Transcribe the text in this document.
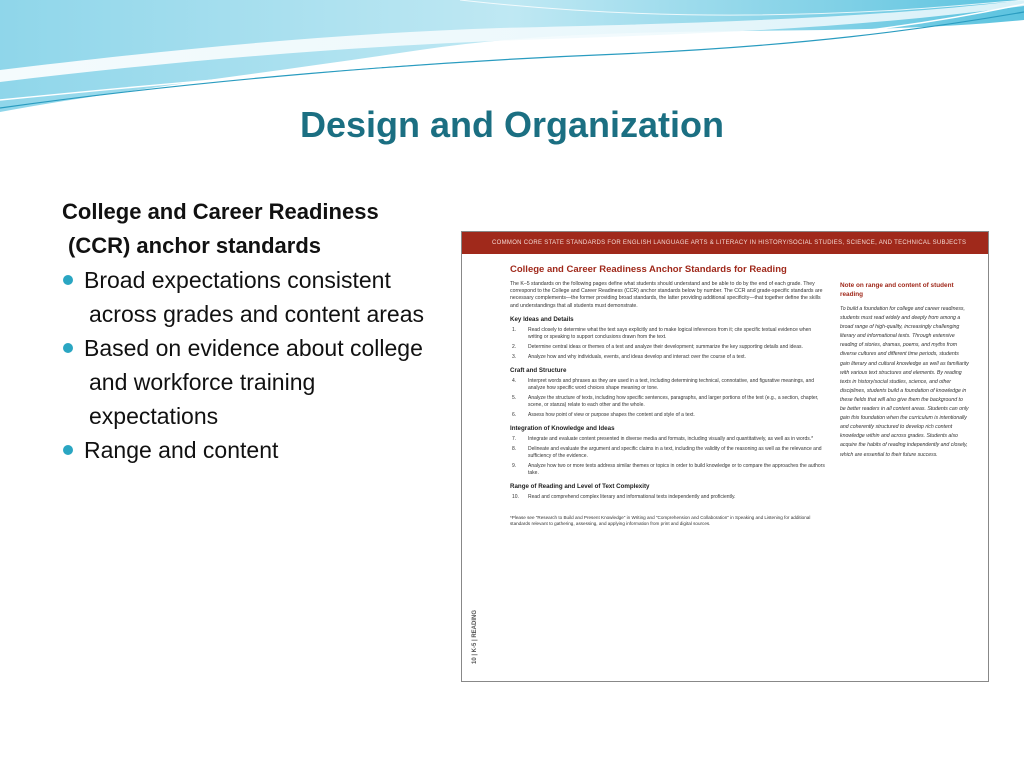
Design and Organization
College and Career Readiness
(CCR) anchor standards
Broad expectations consistent
across grades and content areas
Based on evidence about college
and workforce training
expectations
Range and content
COMMON CORE STATE STANDARDS FOR ENGLISH LANGUAGE ARTS & LITERACY IN HISTORY/SOCIAL STUDIES, SCIENCE, AND TECHNICAL SUBJECTS
10 | K-5 | READING
College and Career Readiness Anchor Standards for Reading
The K–5 standards on the following pages define what students should understand and be able to do by the end of each grade. They correspond to the College and Career Readiness (CCR) anchor standards below by number. The CCR and grade-specific standards are necessary complements—the former providing broad standards, the latter providing additional specificity—that together define the skills and understandings that all students must demonstrate.
Key Ideas and Details
1. Read closely to determine what the text says explicitly and to make logical inferences from it; cite specific textual evidence when writing or speaking to support conclusions drawn from the text.
2. Determine central ideas or themes of a text and analyze their development; summarize the key supporting details and ideas.
3. Analyze how and why individuals, events, and ideas develop and interact over the course of a text.
Craft and Structure
4. Interpret words and phrases as they are used in a text, including determining technical, connotative, and figurative meanings, and analyze how specific word choices shape meaning or tone.
5. Analyze the structure of texts, including how specific sentences, paragraphs, and larger portions of the text (e.g., a section, chapter, scene, or stanza) relate to each other and the whole.
6. Assess how point of view or purpose shapes the content and style of a text.
Integration of Knowledge and Ideas
7. Integrate and evaluate content presented in diverse media and formats, including visually and quantitatively, as well as in words.*
8. Delineate and evaluate the argument and specific claims in a text, including the validity of the reasoning as well as the relevance and sufficiency of the evidence.
9. Analyze how two or more texts address similar themes or topics in order to build knowledge or to compare the approaches the authors take.
Range of Reading and Level of Text Complexity
10. Read and comprehend complex literary and informational texts independently and proficiently.
*Please see "Research to Build and Present Knowledge" in Writing and "Comprehension and Collaboration" in Speaking and Listening for additional standards relevant to gathering, assessing, and applying information from print and digital sources.
Note on range and content of student reading
To build a foundation for college and career readiness, students must read widely and deeply from among a broad range of high-quality, increasingly challenging literary and informational texts. Through extensive reading of stories, dramas, poems, and myths from diverse cultures and different time periods, students gain literary and cultural knowledge as well as familiarity with various text structures and elements. By reading texts in history/social studies, science, and other disciplines, students build a foundation of knowledge in these fields that will also give them the background to be better readers in all content areas. Students can only gain this foundation when the curriculum is intentionally and coherently structured to develop rich content knowledge within and across grades. Students also acquire the habits of reading independently and closely, which are essential to their future success.
